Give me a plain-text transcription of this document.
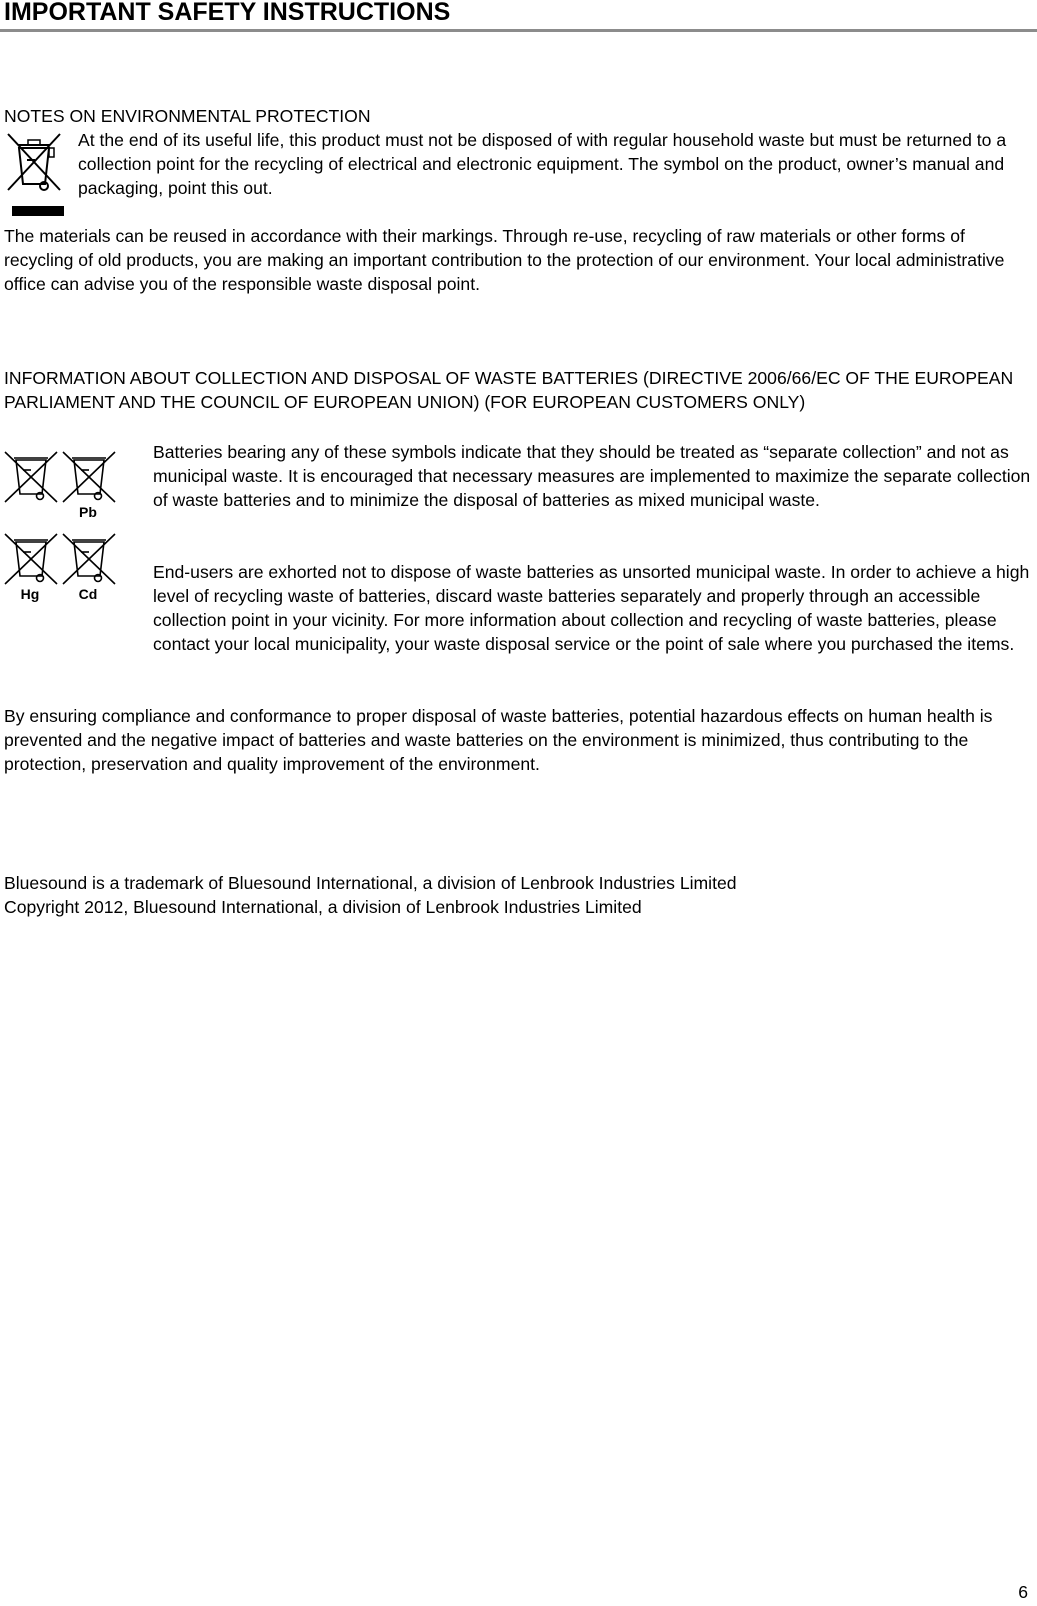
IMPORTANT SAFETY INSTRUCTIONS
NOTES ON ENVIRONMENTAL PROTECTION
At the end of its useful life, this product must not be disposed of with regular household waste but must be returned to a collection point for the recycling of electrical and electronic equipment. The symbol on the product, owner’s manual and packaging, point this out.
The materials can be reused in accordance with their markings. Through re-use, recycling of raw materials or other forms of recycling of old products, you are making an important contribution to the protection of our environment. Your local administrative office can advise you of the responsible waste disposal point.
INFORMATION ABOUT COLLECTION AND DISPOSAL OF WASTE BATTERIES (DIRECTIVE 2006/66/EC OF THE EUROPEAN PARLIAMENT AND THE COUNCIL OF EUROPEAN UNION) (FOR EUROPEAN CUSTOMERS ONLY)
Pb
Hg	Cd
Batteries bearing any of these symbols indicate that they should be treated as “separate collection” and not as municipal waste. It is encouraged that necessary measures are implemented to maximize the separate collection of waste batteries and to minimize the disposal of batteries as mixed municipal waste.
End-users are exhorted not to dispose of waste batteries as unsorted municipal waste. In order to achieve a high level of recycling waste of batteries, discard waste batteries separately and properly through an accessible collection point in your vicinity. For more information about collection and recycling of waste batteries, please contact your local municipality, your waste disposal service or the point of sale where you purchased the items.
By ensuring compliance and conformance to proper disposal of waste batteries, potential hazardous effects on human health is prevented and the negative impact of batteries and waste batteries on the environment is minimized, thus contributing to the protection, preservation and quality improvement of the environment.
Bluesound is a trademark of Bluesound International, a division of Lenbrook Industries Limited
Copyright 2012, Bluesound International, a division of Lenbrook Industries Limited
6
